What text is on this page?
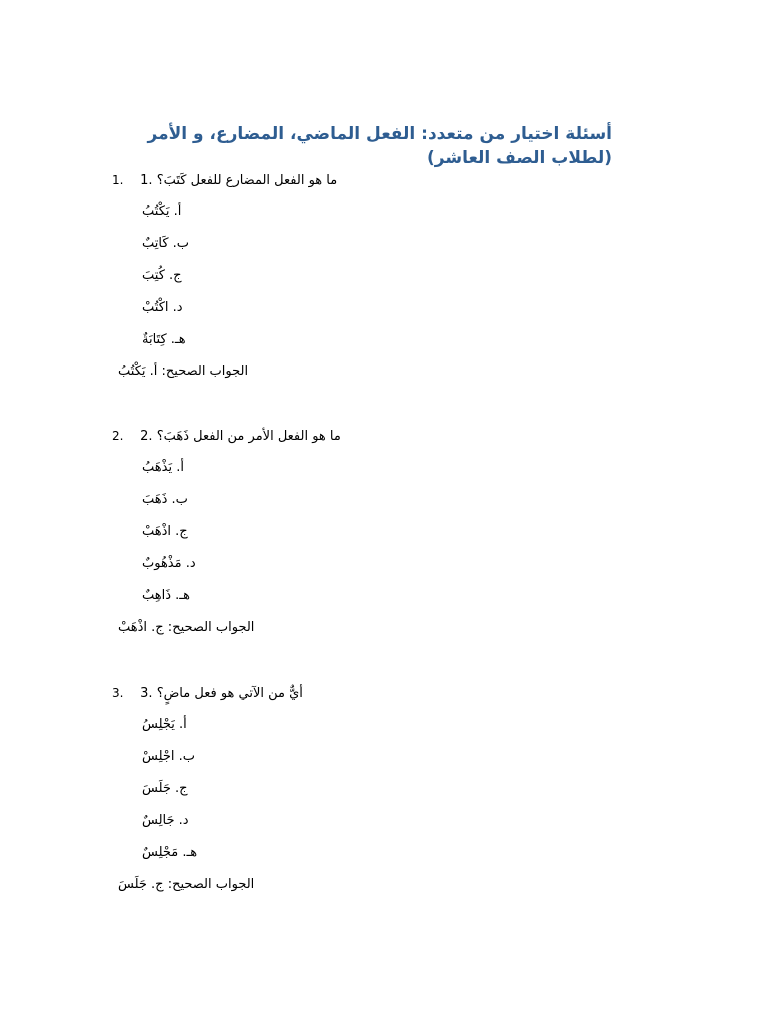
أسئلة اختيار من متعدد: الفعل الماضي، المضارع، و الأمر
(لطلاب الصف العاشر)
1. 1. ما هو الفعل المضارع للفعل كَتَبَ؟
أ. يَكْتُبُ
ب. كَاتِبٌ
ج. كُتِبَ
د. اكْتُبْ
هـ. كِتَابَةٌ
الجواب الصحيح: أ. يَكْتُبُ
2. 2. ما هو الفعل الأمر من الفعل ذَهَبَ؟
أ. يَذْهَبُ
ب. ذَهَبَ
ج. اذْهَبْ
د. مَذْهُوبٌ
هـ. ذَاهِبٌ
الجواب الصحيح: ج. اذْهَبْ
3. 3. أيٌّ من الآتي هو فعل ماضٍ؟
أ. يَجْلِسُ
ب. اجْلِسْ
ج. جَلَسَ
د. جَالِسٌ
هـ. مَجْلِسٌ
الجواب الصحيح: ج. جَلَسَ
